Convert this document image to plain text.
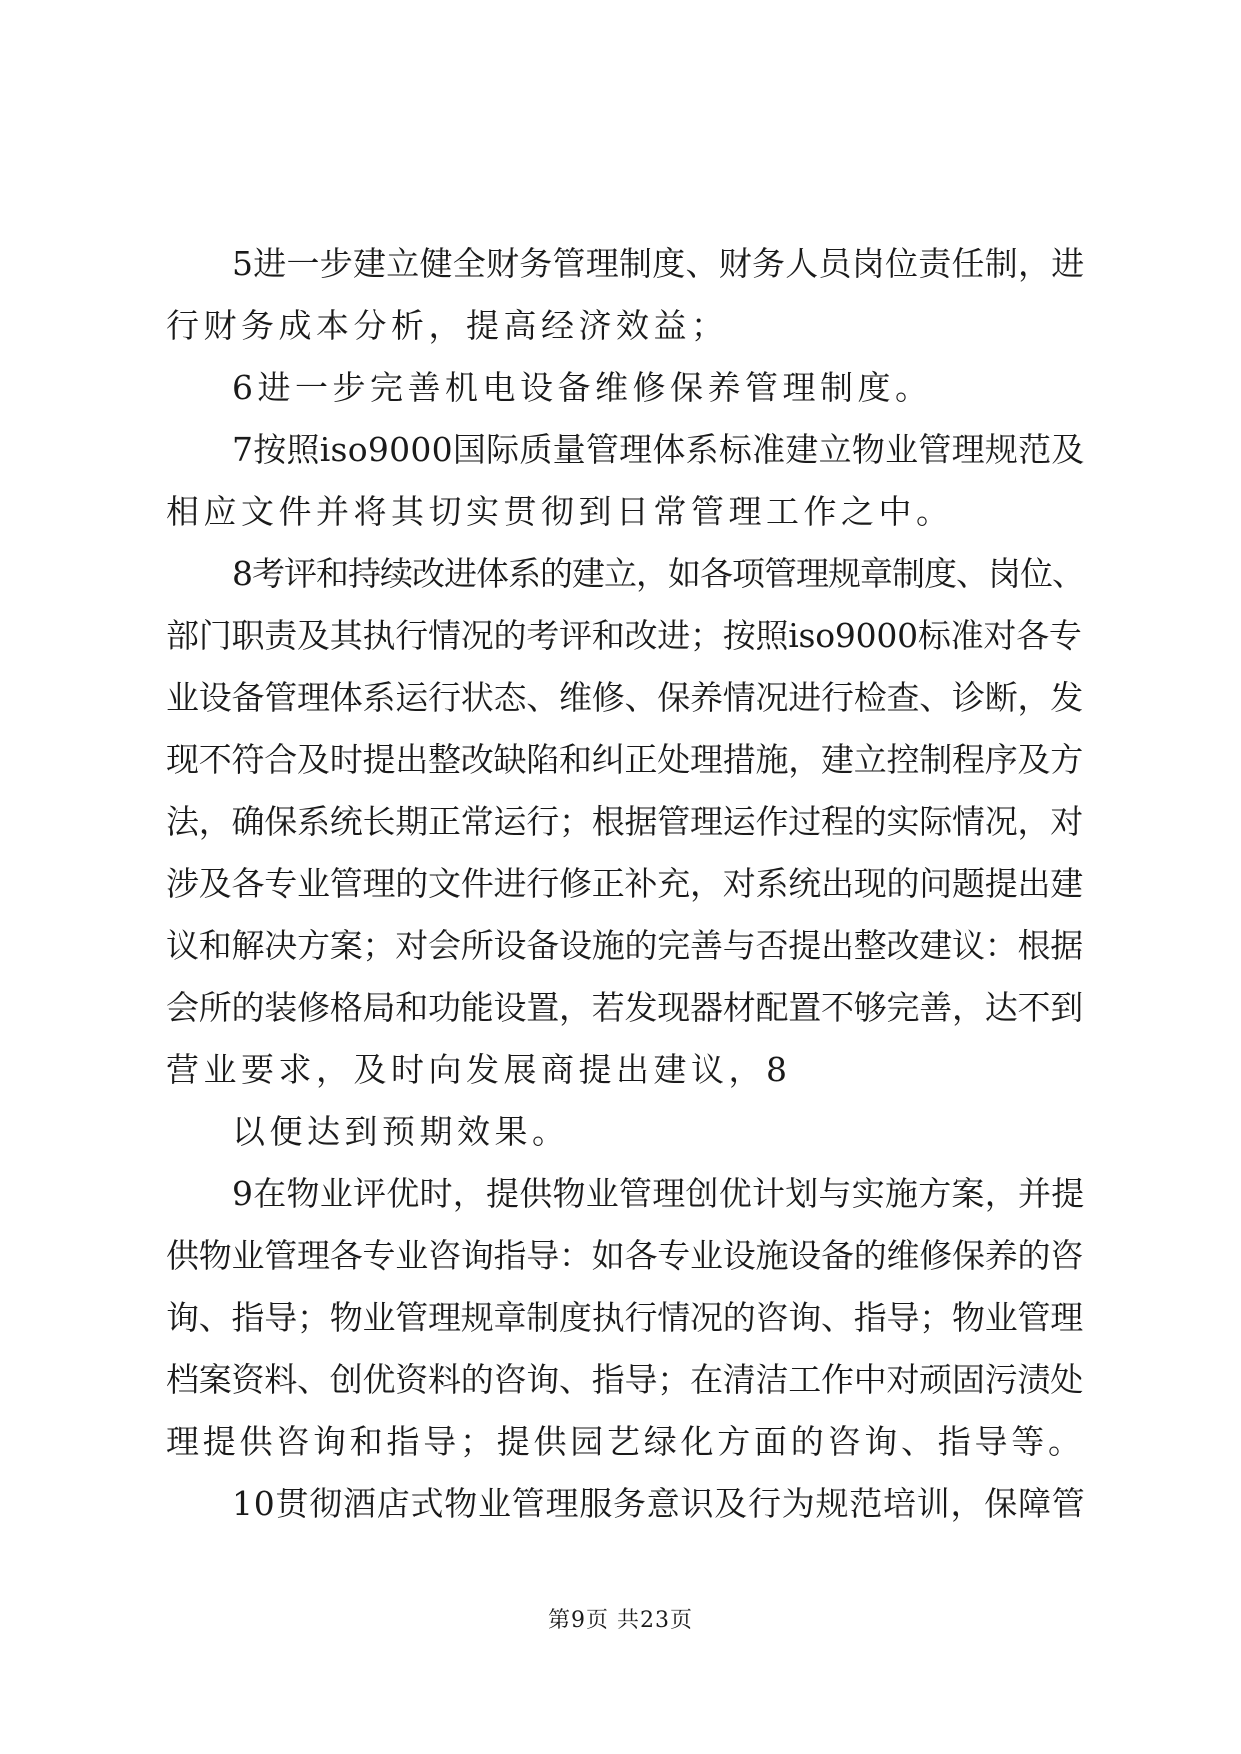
5进一步建立健全财务管理制度、财务人员岗位责任制，进
行财务成本分析，提高经济效益；
6进一步完善机电设备维修保养管理制度。
7按照iso9000国际质量管理体系标准建立物业管理规范及
相应文件并将其切实贯彻到日常管理工作之中。
8考评和持续改进体系的建立，如各项管理规章制度、岗位、
部门职责及其执行情况的考评和改进；按照iso9000标准对各专
业设备管理体系运行状态、维修、保养情况进行检查、诊断，发
现不符合及时提出整改缺陷和纠正处理措施，建立控制程序及方
法，确保系统长期正常运行；根据管理运作过程的实际情况，对
涉及各专业管理的文件进行修正补充，对系统出现的问题提出建
议和解决方案；对会所设备设施的完善与否提出整改建议：根据
会所的装修格局和功能设置，若发现器材配置不够完善，达不到
营业要求，及时向发展商提出建议，8
以便达到预期效果。
9在物业评优时，提供物业管理创优计划与实施方案，并提
供物业管理各专业咨询指导：如各专业设施设备的维修保养的咨
询、指导；物业管理规章制度执行情况的咨询、指导；物业管理
档案资料、创优资料的咨询、指导；在清洁工作中对顽固污渍处
理提供咨询和指导；提供园艺绿化方面的咨询、指导等。
10贯彻酒店式物业管理服务意识及行为规范培训，保障管
第9页 共23页
